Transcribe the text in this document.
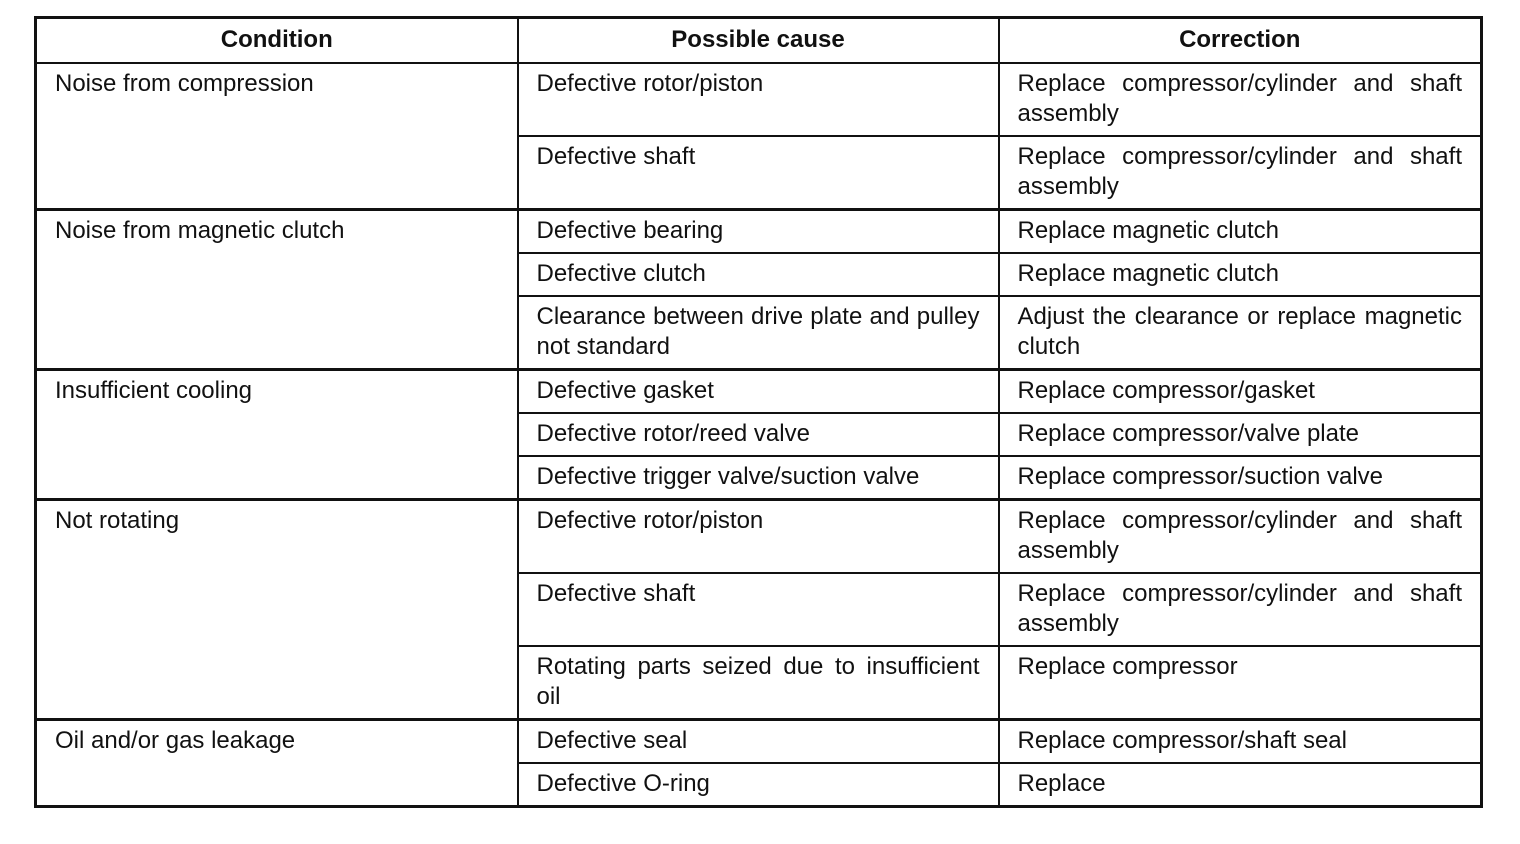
Condition	Possible cause	Correction
Noise from compression	Defective rotor/piston	Replace compressor/cylinder and shaft assembly
	Defective shaft	Replace compressor/cylinder and shaft assembly
Noise from magnetic clutch	Defective bearing	Replace magnetic clutch
	Defective clutch	Replace magnetic clutch
	Clearance between drive plate and pulley not standard	Adjust the clearance or replace magnetic clutch
Insufficient cooling	Defective gasket	Replace compressor/gasket
	Defective rotor/reed valve	Replace compressor/valve plate
	Defective trigger valve/suction valve	Replace compressor/suction valve
Not rotating	Defective rotor/piston	Replace compressor/cylinder and shaft assembly
	Defective shaft	Replace compressor/cylinder and shaft assembly
	Rotating parts seized due to insufficient oil	Replace compressor
Oil and/or gas leakage	Defective seal	Replace compressor/shaft seal
	Defective O-ring	Replace
